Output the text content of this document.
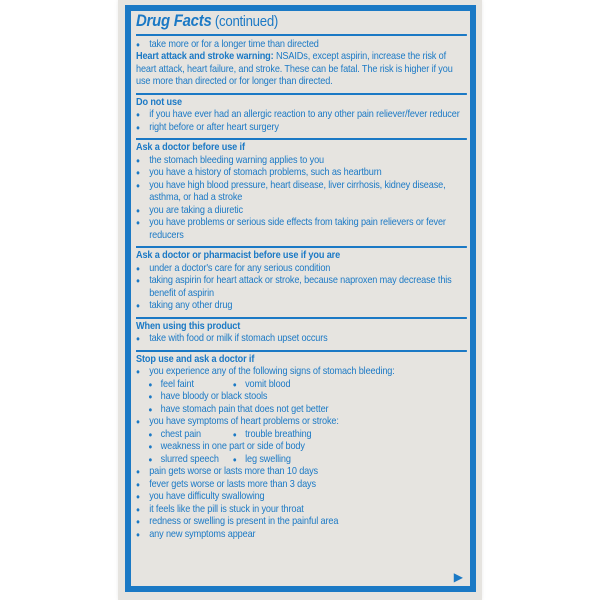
Drug Facts (continued)
● take more or for a longer time than directed
Heart attack and stroke warning: NSAIDs, except aspirin, increase the risk of heart attack, heart failure, and stroke. These can be fatal. The risk is higher if you use more than directed or for longer than directed.
Do not use
● if you have ever had an allergic reaction to any other pain reliever/fever reducer
● right before or after heart surgery
Ask a doctor before use if
● the stomach bleeding warning applies to you
● you have a history of stomach problems, such as heartburn
● you have high blood pressure, heart disease, liver cirrhosis, kidney disease, asthma, or had a stroke
● you are taking a diuretic
● you have problems or serious side effects from taking pain relievers or fever reducers
Ask a doctor or pharmacist before use if you are
● under a doctor's care for any serious condition
● taking aspirin for heart attack or stroke, because naproxen may decrease this benefit of aspirin
● taking any other drug
When using this product
● take with food or milk if stomach upset occurs
Stop use and ask a doctor if
● you experience any of the following signs of stomach bleeding:
● feel faint	● vomit blood
● have bloody or black stools
● have stomach pain that does not get better
● you have symptoms of heart problems or stroke:
● chest pain	● trouble breathing
● weakness in one part or side of body
● slurred speech	● leg swelling
● pain gets worse or lasts more than 10 days
● fever gets worse or lasts more than 3 days
● you have difficulty swallowing
● it feels like the pill is stuck in your throat
● redness or swelling is present in the painful area
● any new symptoms appear
▶
